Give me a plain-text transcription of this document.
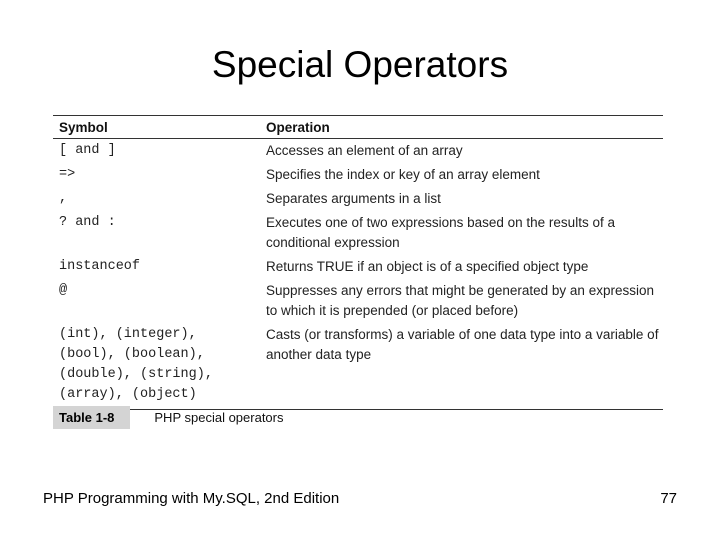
Special Operators
Symbol	Operation
[ and ]	Accesses an element of an array
=>	Specifies the index or key of an array element
,	Separates arguments in a list
? and :	Executes one of two expressions based on the results of a conditional expression
instanceof	Returns TRUE if an object is of a specified object type
@	Suppresses any errors that might be generated by an expression to which it is prepended (or placed before)
(int), (integer), (bool), (boolean), (double), (string), (array), (object)	Casts (or transforms) a variable of one data type into a variable of another data type
Table 1-8	PHP special operators
PHP Programming with My.SQL, 2nd Edition	77
